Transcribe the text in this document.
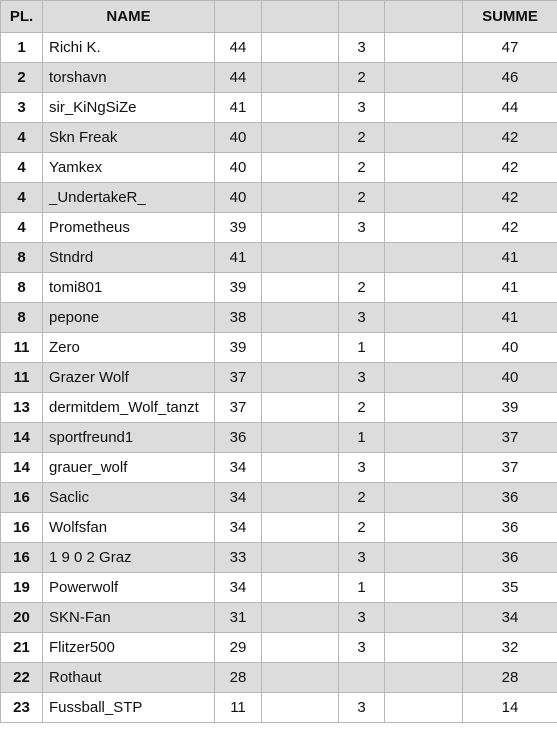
PL.	NAME					SUMME
1	Richi K.	44		3		47
2	torshavn	44		2		46
3	sir_KiNgSiZe	41		3		44
4	Skn Freak	40		2		42
4	Yamkex	40		2		42
4	_UndertakeR_	40		2		42
4	Prometheus	39		3		42
8	Stndrd	41				41
8	tomi801	39		2		41
8	pepone	38		3		41
11	Zero	39		1		40
11	Grazer Wolf	37		3		40
13	dermitdem_Wolf_tanzt	37		2		39
14	sportfreund1	36		1		37
14	grauer_wolf	34		3		37
16	Saclic	34		2		36
16	Wolfsfan	34		2		36
16	1 9 0 2 Graz	33		3		36
19	Powerwolf	34		1		35
20	SKN-Fan	31		3		34
21	Flitzer500	29		3		32
22	Rothaut	28				28
23	Fussball_STP	11		3		14
